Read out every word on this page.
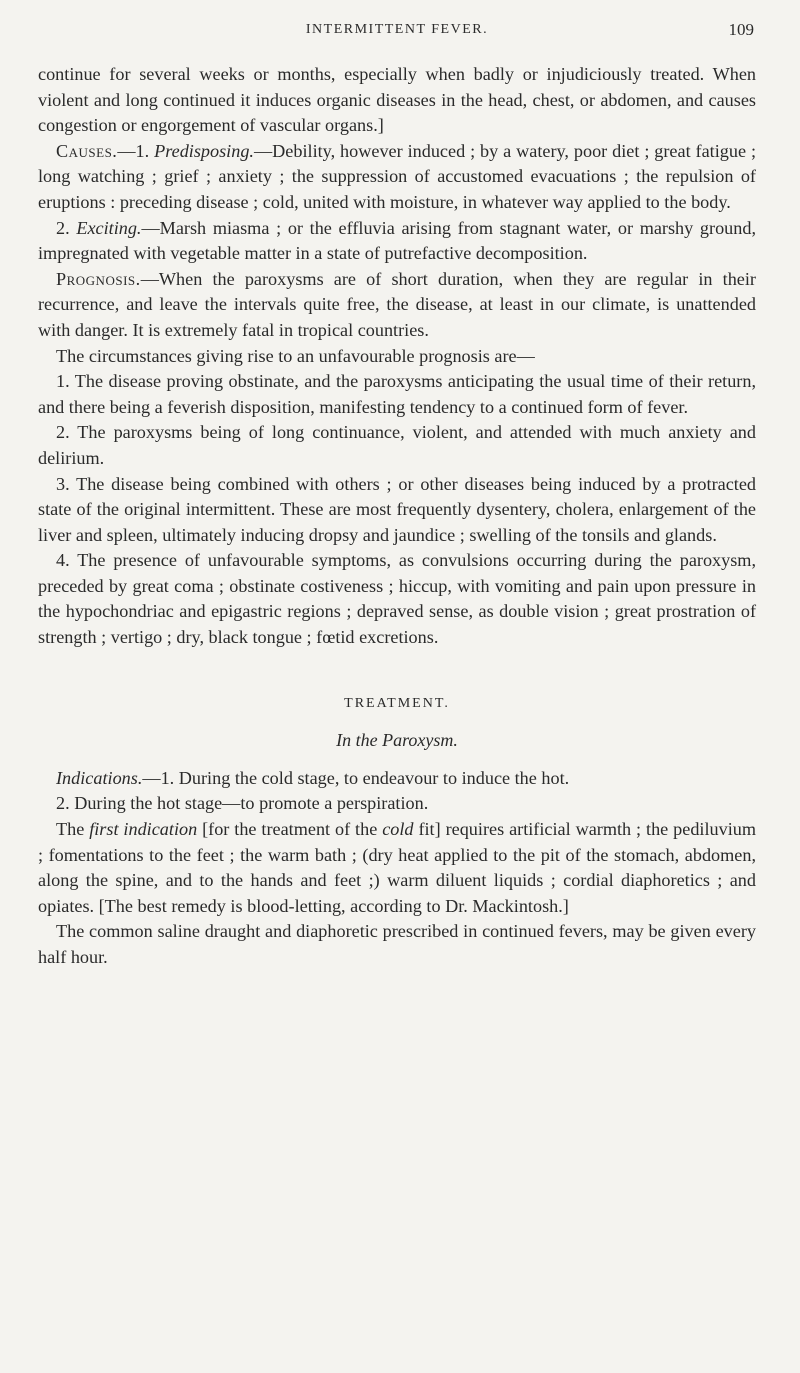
INTERMITTENT FEVER.	109

continue for several weeks or months, especially when badly or injudiciously treated. When violent and long continued it induces organic diseases in the head, chest, or abdomen, and causes congestion or engorgement of vascular organs.]

Causes.—1. Predisposing.—Debility, however induced ; by a watery, poor diet ; great fatigue ; long watching ; grief ; anxiety ; the suppression of accustomed evacuations ; the repulsion of eruptions : preceding disease ; cold, united with moisture, in whatever way applied to the body.

2. Exciting.—Marsh miasma ; or the effluvia arising from stagnant water, or marshy ground, impregnated with vegetable matter in a state of putrefactive decomposition.

Prognosis.—When the paroxysms are of short duration, when they are regular in their recurrence, and leave the intervals quite free, the disease, at least in our climate, is unattended with danger. It is extremely fatal in tropical countries.

The circumstances giving rise to an unfavourable prognosis are—

1. The disease proving obstinate, and the paroxysms anticipating the usual time of their return, and there being a feverish disposition, manifesting tendency to a continued form of fever.

2. The paroxysms being of long continuance, violent, and attended with much anxiety and delirium.

3. The disease being combined with others ; or other diseases being induced by a protracted state of the original intermittent. These are most frequently dysentery, cholera, enlargement of the liver and spleen, ultimately inducing dropsy and jaundice ; swelling of the tonsils and glands.

4. The presence of unfavourable symptoms, as convulsions occurring during the paroxysm, preceded by great coma ; obstinate costiveness ; hiccup, with vomiting and pain upon pressure in the hypochondriac and epigastric regions ; depraved sense, as double vision ; great prostration of strength ; vertigo ; dry, black tongue ; fœtid excretions.

TREATMENT.
In the Paroxysm.

Indications.—1. During the cold stage, to endeavour to induce the hot.

2. During the hot stage—to promote a perspiration.

The first indication [for the treatment of the cold fit] requires artificial warmth ; the pediluvium ; fomentations to the feet ; the warm bath ; (dry heat applied to the pit of the stomach, abdomen, along the spine, and to the hands and feet ;) warm diluent liquids ; cordial diaphoretics ; and opiates. [The best remedy is blood-letting, according to Dr. Mackintosh.]

The common saline draught and diaphoretic prescribed in continued fevers, may be given every half hour.
